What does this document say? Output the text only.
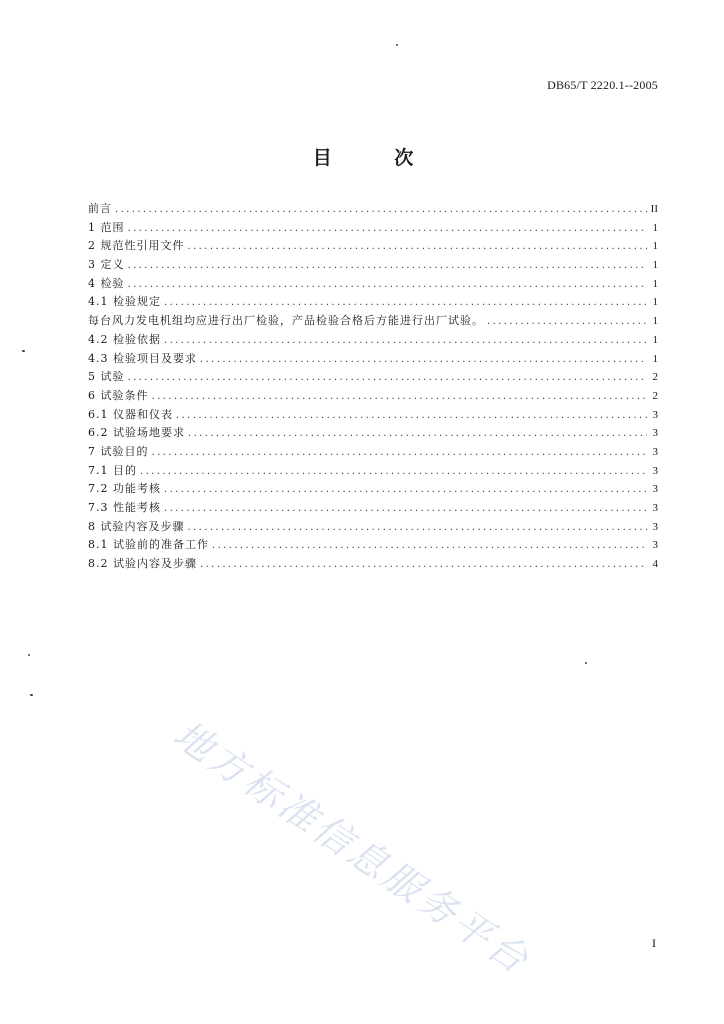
DB65/T 2220.1--2005
目 次
前言 .....	II
1 范围 .....	1
2 规范性引用文件 .....	1
3 定义 .....	1
4 检验 .....	1
4.1 检验规定 .....	1
每台风力发电机组均应进行出厂检验，产品检验合格后方能进行出厂试验。 .....	1
4.2 检验依据 .....	1
4.3 检验项目及要求 .....	1
5 试验 .....	2
6 试验条件 .....	2
6.1 仪器和仪表 .....	3
6.2 试验场地要求 .....	3
7 试验目的 .....	3
7.1 目的 .....	3
7.2 功能考核 .....	3
7.3 性能考核 .....	3
8 试验内容及步骤 .....	3
8.1 试验前的准备工作 .....	3
8.2 试验内容及步骤 .....	4
地方标准信息服务平台	I
